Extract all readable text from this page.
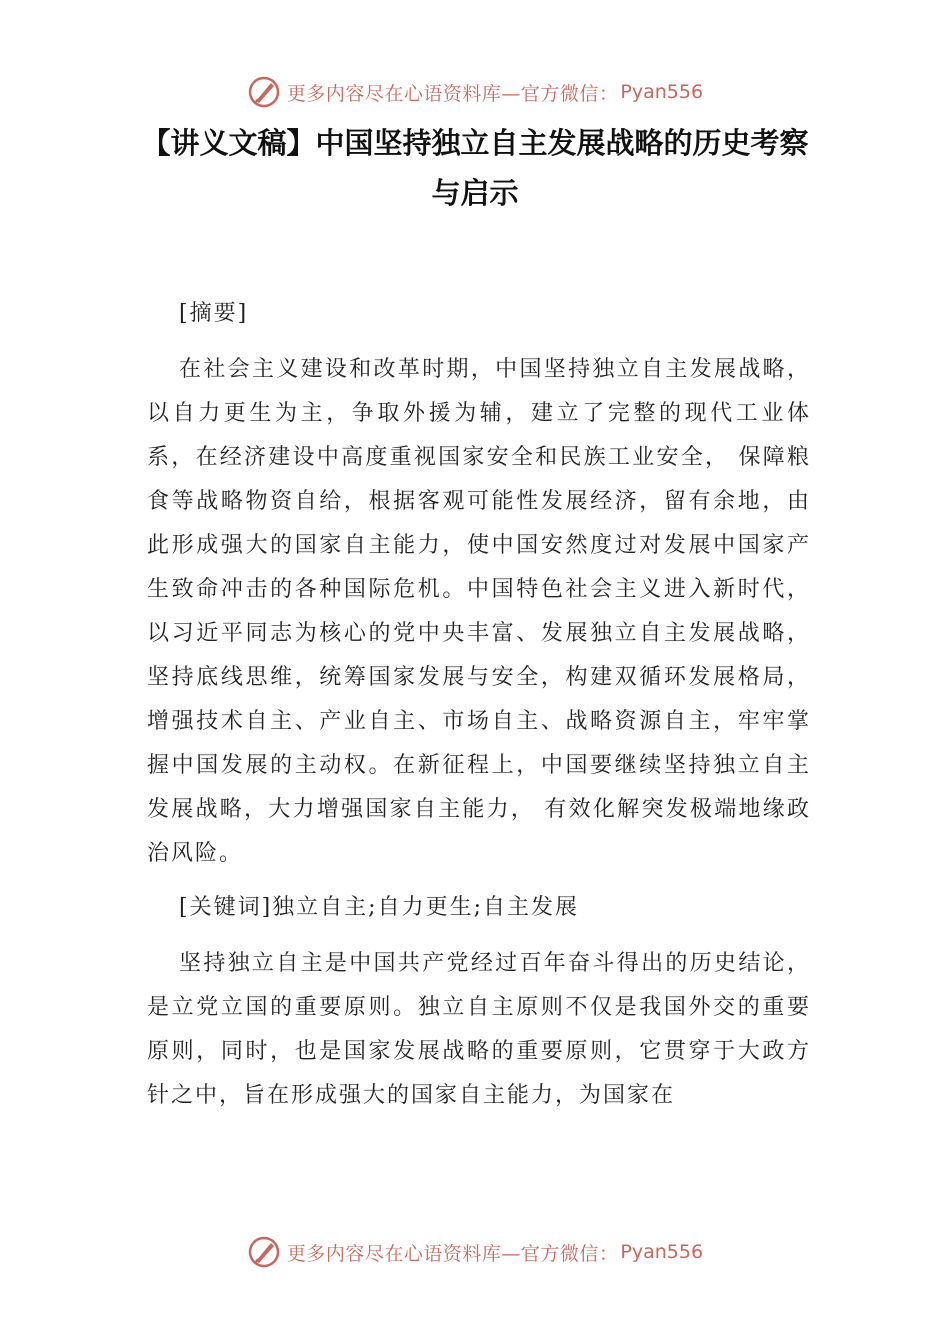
更多内容尽在心语资料库—官方微信： Pyan556
【讲义文稿】中国坚持独立自主发展战略的历史考察与启示

[摘要]

在社会主义建设和改革时期，中国坚持独立自主发展战略，以自力更生为主，争取外援为辅，建立了完整的现代工业体系，在经济建设中高度重视国家安全和民族工业安全， 保障粮食等战略物资自给，根据客观可能性发展经济，留有余地，由此形成强大的国家自主能力，使中国安然度过对发展中国家产生致命冲击的各种国际危机。中国特色社会主义进入新时代，以习近平同志为核心的党中央丰富、发展独立自主发展战略，坚持底线思维，统筹国家发展与安全，构建双循环发展格局，增强技术自主、产业自主、市场自主、战略资源自主，牢牢掌握中国发展的主动权。在新征程上，中国要继续坚持独立自主发展战略，大力增强国家自主能力， 有效化解突发极端地缘政治风险。

[关键词]独立自主;自力更生;自主发展

坚持独立自主是中国共产党经过百年奋斗得出的历史结论，是立党立国的重要原则。独立自主原则不仅是我国外交的重要原则，同时，也是国家发展战略的重要原则，它贯穿于大政方针之中，旨在形成强大的国家自主能力，为国家在

更多内容尽在心语资料库—官方微信： Pyan556
